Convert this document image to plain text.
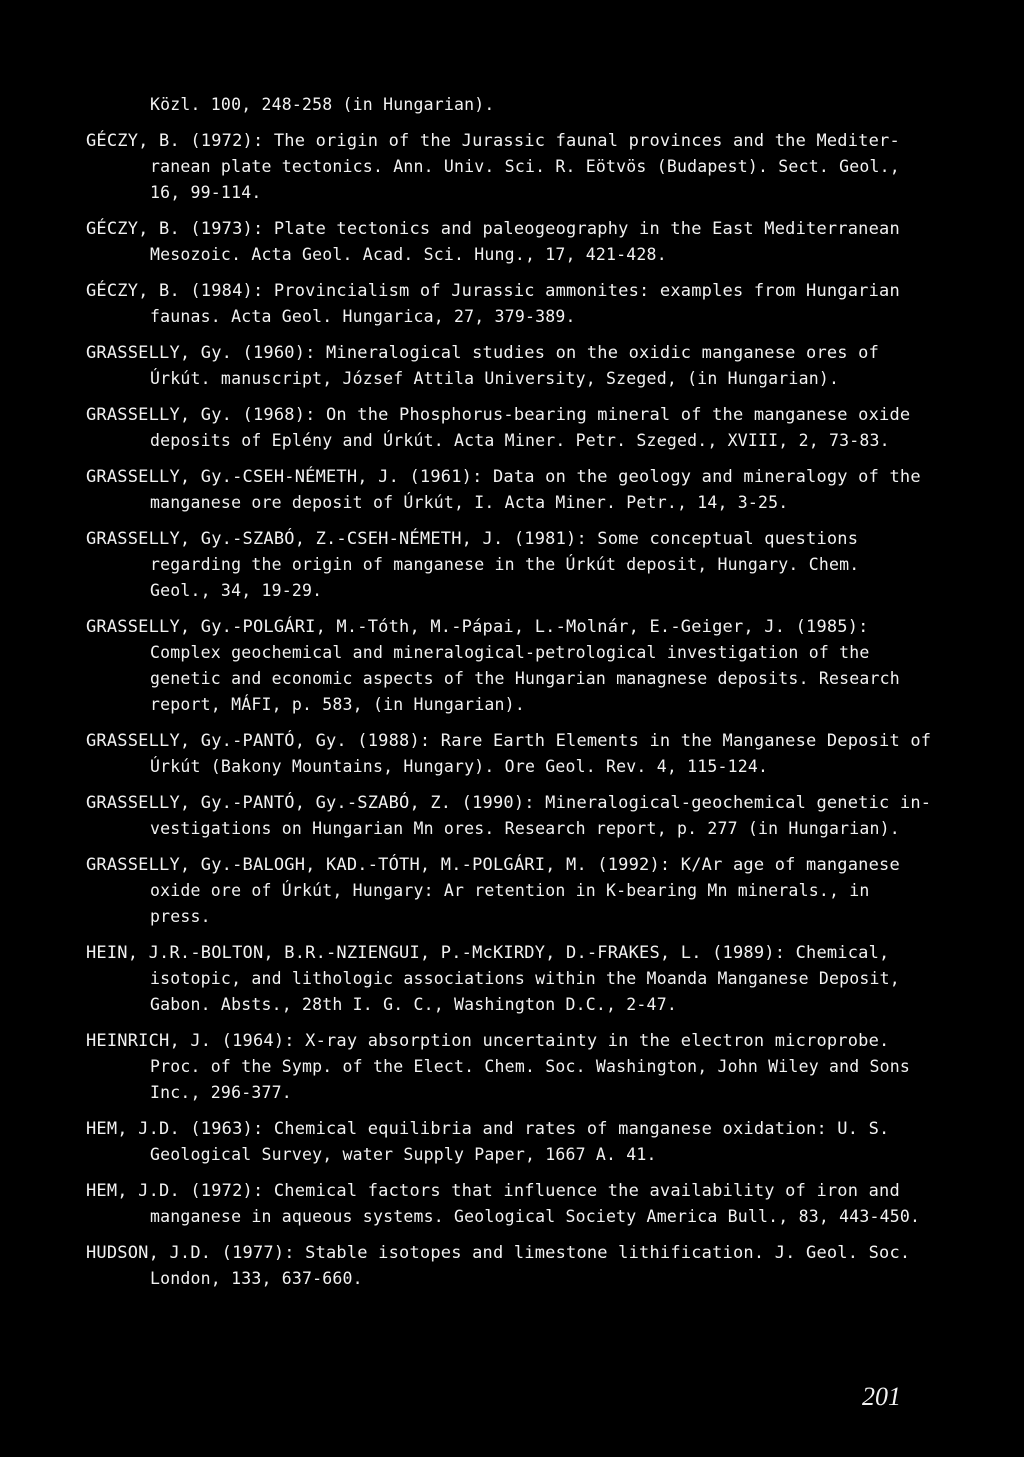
Közl. 100, 248-258 (in Hungarian).
GÉCZY, B. (1972): The origin of the Jurassic faunal provinces and the Mediter-
ranean plate tectonics. Ann. Univ. Sci. R. Eötvös (Budapest). Sect. Geol.,
16, 99-114.
GÉCZY, B. (1973): Plate tectonics and paleogeography in the East Mediterranean
Mesozoic. Acta Geol. Acad. Sci. Hung., 17, 421-428.
GÉCZY, B. (1984): Provincialism of Jurassic ammonites: examples from Hungarian
faunas. Acta Geol. Hungarica, 27, 379-389.
GRASSELLY, Gy. (1960): Mineralogical studies on the oxidic manganese ores of
Úrkút. manuscript, József Attila University, Szeged, (in Hungarian).
GRASSELLY, Gy. (1968): On the Phosphorus-bearing mineral of the manganese oxide
deposits of Eplény and Úrkút. Acta Miner. Petr. Szeged., XVIII, 2, 73-83.
GRASSELLY, Gy.-CSEH-NÉMETH, J. (1961): Data on the geology and mineralogy of the
manganese ore deposit of Úrkút, I. Acta Miner. Petr., 14, 3-25.
GRASSELLY, Gy.-SZABÓ, Z.-CSEH-NÉMETH, J. (1981): Some conceptual questions
regarding the origin of manganese in the Úrkút deposit, Hungary. Chem.
Geol., 34, 19-29.
GRASSELLY, Gy.-POLGÁRI, M.-Tóth, M.-Pápai, L.-Molnár, E.-Geiger, J. (1985):
Complex geochemical and mineralogical-petrological investigation of the
genetic and economic aspects of the Hungarian managnese deposits. Research
report, MÁFI, p. 583, (in Hungarian).
GRASSELLY, Gy.-PANTÓ, Gy. (1988): Rare Earth Elements in the Manganese Deposit of
Úrkút (Bakony Mountains, Hungary). Ore Geol. Rev. 4, 115-124.
GRASSELLY, Gy.-PANTÓ, Gy.-SZABÓ, Z. (1990): Mineralogical-geochemical genetic in-
vestigations on Hungarian Mn ores. Research report, p. 277 (in Hungarian).
GRASSELLY, Gy.-BALOGH, KAD.-TÓTH, M.-POLGÁRI, M. (1992): K/Ar age of manganese
oxide ore of Úrkút, Hungary: Ar retention in K-bearing Mn minerals., in
press.
HEIN, J.R.-BOLTON, B.R.-NZIENGUI, P.-McKIRDY, D.-FRAKES, L. (1989): Chemical,
isotopic, and lithologic associations within the Moanda Manganese Deposit,
Gabon. Absts., 28th I. G. C., Washington D.C., 2-47.
HEINRICH, J. (1964): X-ray absorption uncertainty in the electron microprobe.
Proc. of the Symp. of the Elect. Chem. Soc. Washington, John Wiley and Sons
Inc., 296-377.
HEM, J.D. (1963): Chemical equilibria and rates of manganese oxidation: U. S.
Geological Survey, water Supply Paper, 1667 A. 41.
HEM, J.D. (1972): Chemical factors that influence the availability of iron and
manganese in aqueous systems. Geological Society America Bull., 83, 443-450.
HUDSON, J.D. (1977): Stable isotopes and limestone lithification. J. Geol. Soc.
London, 133, 637-660.
201
